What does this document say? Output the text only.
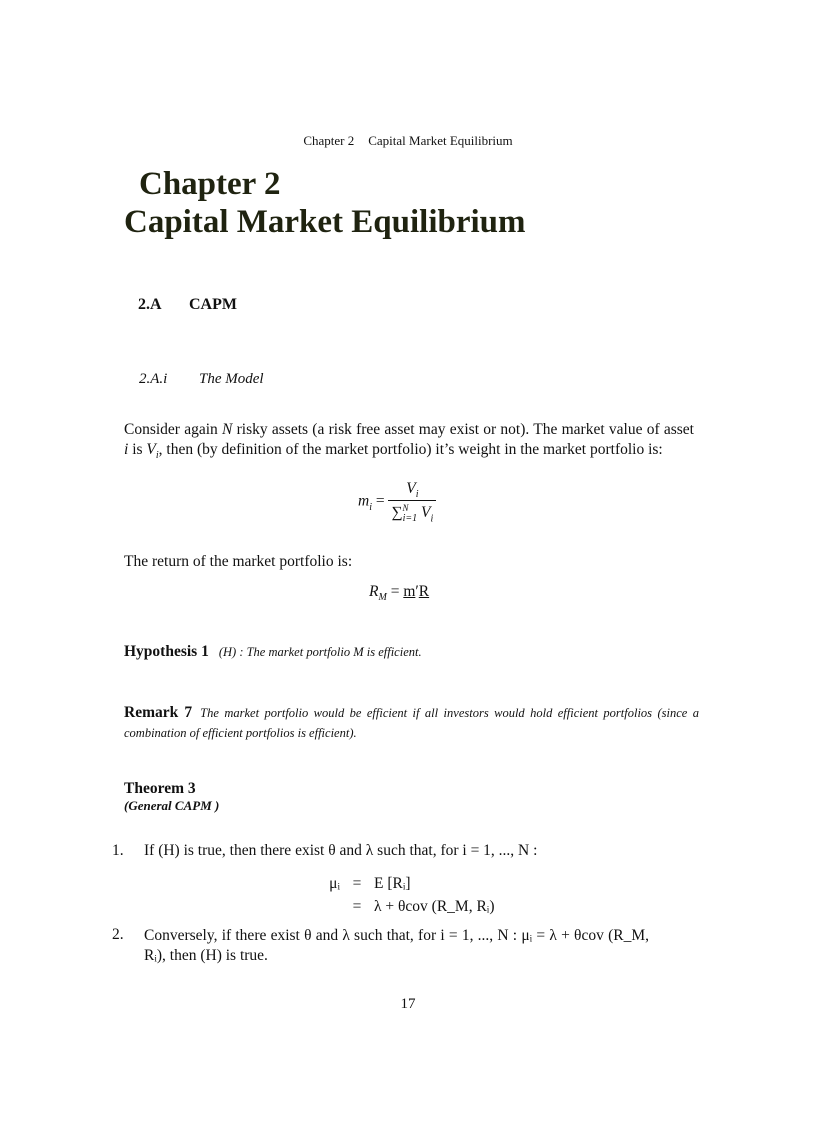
Chapter 2 Capital Market Equilibrium
Chapter 2
Capital Market Equilibrium
2.A CAPM
2.A.i The Model
Consider again N risky assets (a risk free asset may exist or not). The market value of asset i is $V_i$, then (by definition of the market portfolio) it’s weight in the market portfolio is:
$m_i = \frac{V_i}{\sum^N_{i=1} V_i}$
The return of the market portfolio is:
$R_M = m'R$
Hypothesis 1 (H) : The market portfolio M is efficient.
Remark 7 The market portfolio would be efficient if all investors would hold efficient portfolios (since a combination of efficient portfolios is efficient).
Theorem 3
(General CAPM )
1. If (H) is true, then there exist θ and λ such that, for i = 1, ..., N :
μᵢ = E [Rᵢ]
= λ + θcov (R_M, Rᵢ)
2. Conversely, if there exist θ and λ such that, for i = 1, ..., N : μᵢ = λ + θcov (R_M, Rᵢ), then (H) is true.
17
